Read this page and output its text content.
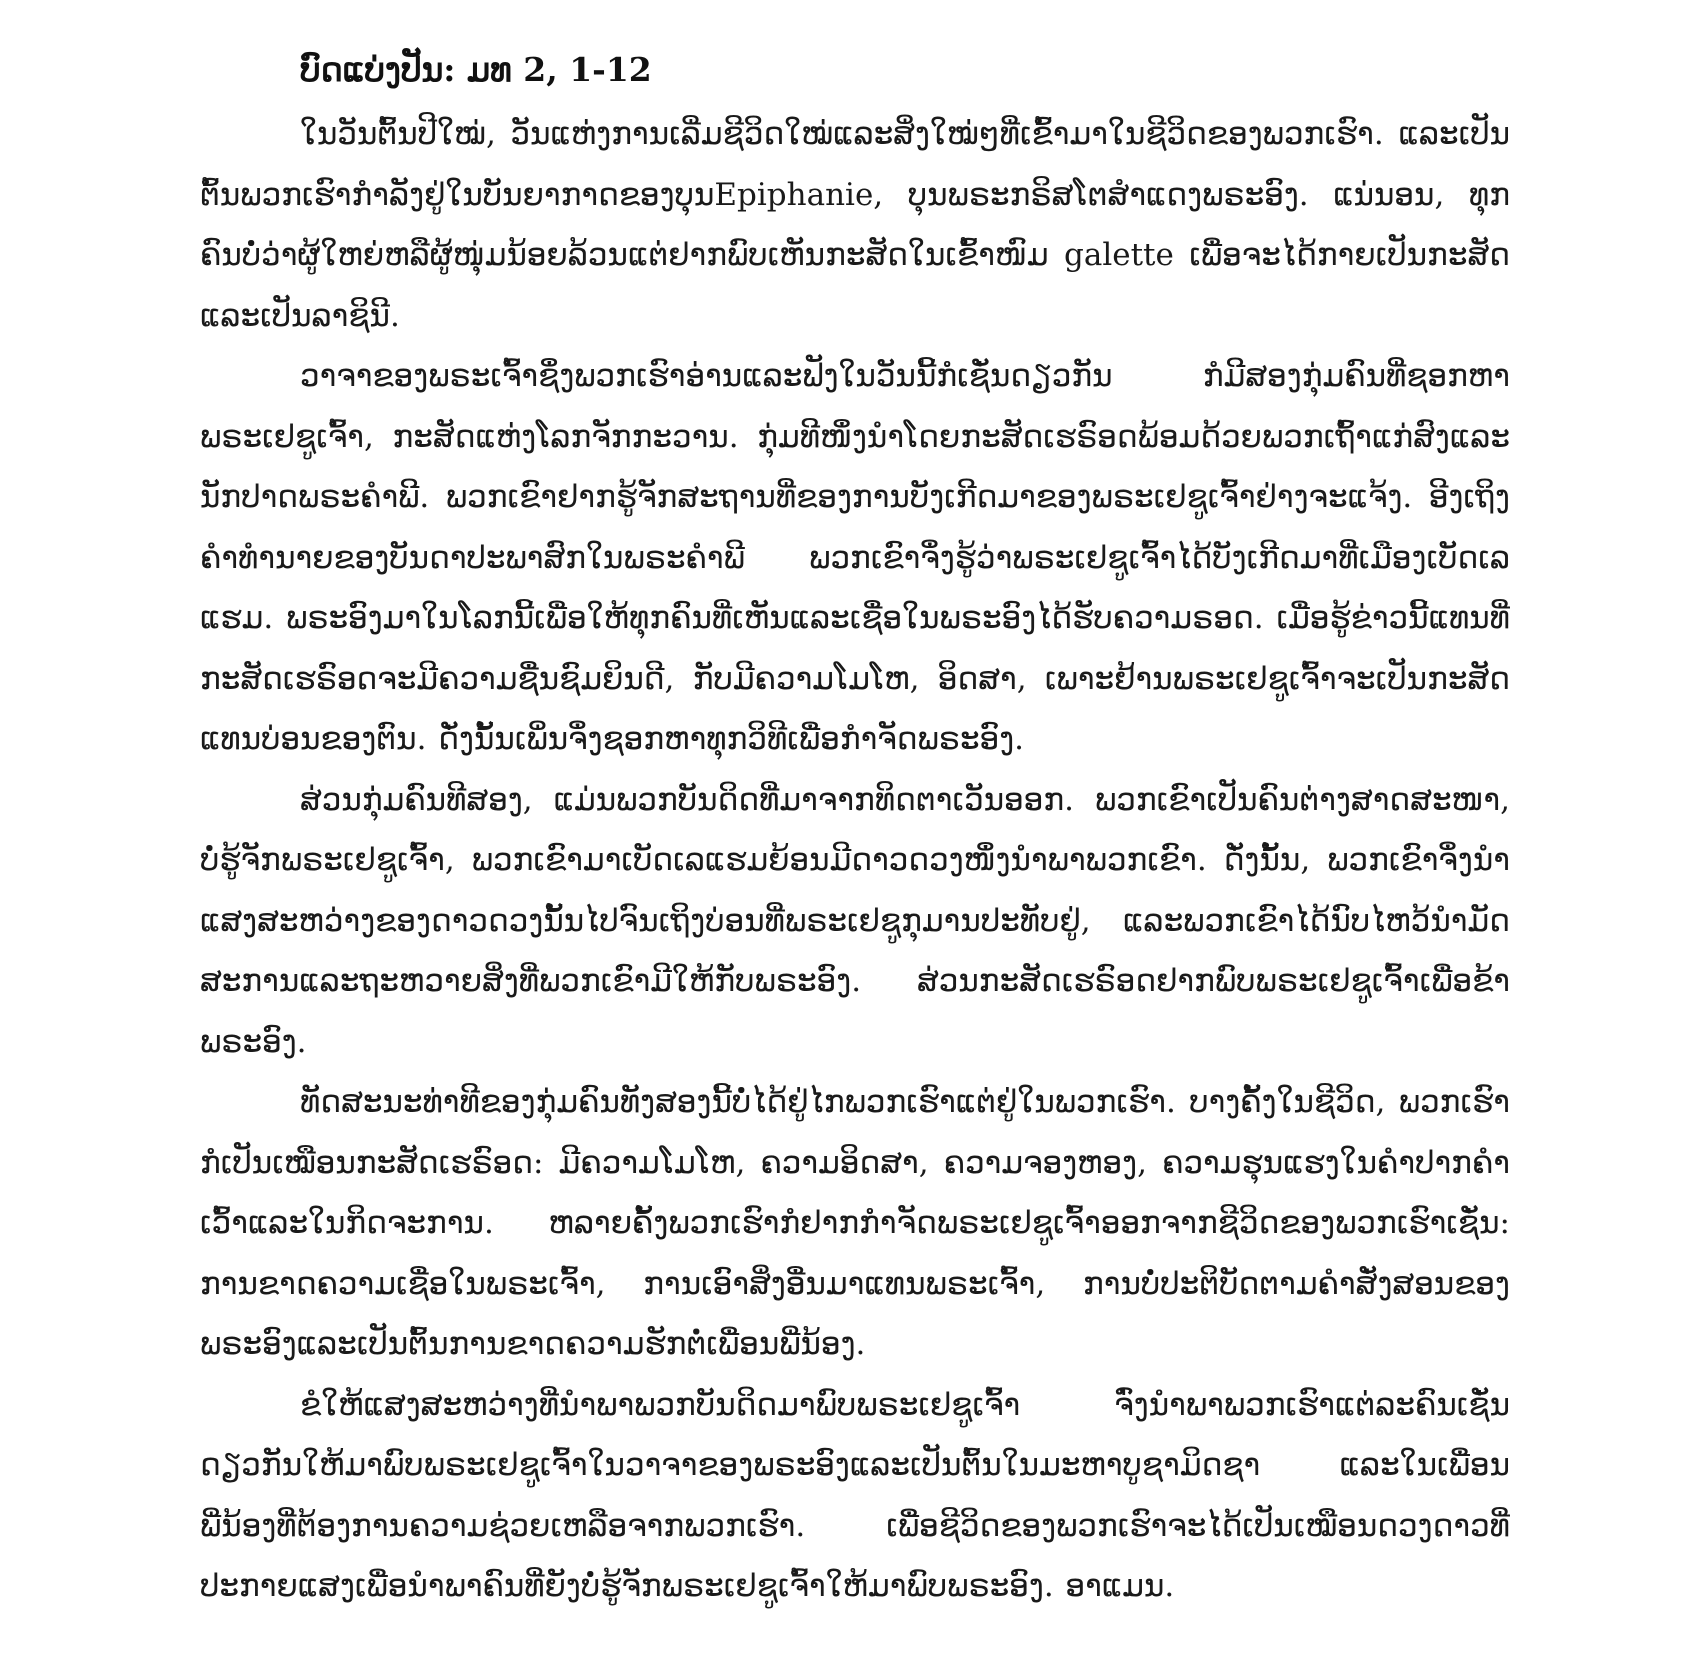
ບົດແບ່ງປັນ: ມທ 2, 1-12

ໃນວັນຕົ້ນປີໃໝ່, ວັນແຫ່ງການເລີ່ມຊີວິດໃໝ່ແລະສິ່ງໃໝ່ໆທີ່ເຂົ້າມາໃນຊີວິດຂອງພວກເຮົາ. ແລະເປັນຕົ້ນພວກເຮົາກຳລັງຢູ່ໃນບັນຍາກາດຂອງບຸນEpiphanie, ບຸນພຣະກຣິສໂຕສຳແດງພຣະອົງ. ແນ່ນອນ, ທຸກຄົນບໍ່ວ່າຜູ້ໃຫຍ່ຫລືຜູ້ໜຸ່ມນ້ອຍລ້ວນແຕ່ຢາກພົບເຫັນກະສັດໃນເຂົ້າໜົມ galette ເພື່ອຈະໄດ້ກາຍເປັນກະສັດແລະເປັນລາຊິນີ.

ວາຈາຂອງພຣະເຈົ້າຊຶ່ງພວກເຮົາອ່ານແລະຟັງໃນວັນນີ້ກໍເຊັ່ນດຽວກັນ ກໍມີສອງກຸ່ມຄົນທີ່ຊອກຫາພຣະເຢຊູເຈົ້າ, ກະສັດແຫ່ງໂລກຈັກກະວານ. ກຸ່ມທີໜຶ່ງນຳໂດຍກະສັດເຮຣົອດພ້ອມດ້ວຍພວກເຖົ້າແກ່ສົງແລະນັກປາດພຣະຄຳພີ. ພວກເຂົາຢາກຮູ້ຈັກສະຖານທີ່ຂອງການບັງເກີດມາຂອງພຣະເຢຊູເຈົ້າຢ່າງຈະແຈ້ງ. ອີງເຖິງຄຳທຳນາຍຂອງບັນດາປະພາສົກໃນພຣະຄຳພີ ພວກເຂົາຈຶ່ງຮູ້ວ່າພຣະເຢຊູເຈົ້າໄດ້ບັງເກີດມາທີ່ເມືອງເບັດເລແຮມ. ພຣະອົງມາໃນໂລກນີ້ເພື່ອໃຫ້ທຸກຄົນທີ່ເຫັນແລະເຊື່ອໃນພຣະອົງໄດ້ຮັບຄວາມຣອດ. ເມື່ອຮູ້ຂ່າວນີ້ແທນທີ່ກະສັດເຮຣົອດຈະມີຄວາມຊື່ນຊົມຍິນດີ, ກັບມີຄວາມໂມໂຫ, ອິດສາ, ເພາະຢ້ານພຣະເຢຊູເຈົ້າຈະເປັນກະສັດແທນບ່ອນຂອງຕົນ. ດັ່ງນັ້ນເພິ່ນຈຶ່ງຊອກຫາທຸກວິທີເພື່ອກຳຈັດພຣະອົງ.

ສ່ວນກຸ່ມຄົນທີສອງ, ແມ່ນພວກບັນດິດທີ່ມາຈາກທິດຕາເວັນອອກ. ພວກເຂົາເປັນຄົນຕ່າງສາດສະໜາ, ບໍ່ຮູ້ຈັກພຣະເຢຊູເຈົ້າ, ພວກເຂົາມາເບັດເລແຮມຍ້ອນມີດາວດວງໜຶ່ງນຳພາພວກເຂົາ. ດັ່ງນັ້ນ, ພວກເຂົາຈຶ່ງນຳແສງສະຫວ່າງຂອງດາວດວງນັ້ນໄປຈົນເຖິງບ່ອນທີ່ພຣະເຢຊູກຸມານປະທັບຢູ່, ແລະພວກເຂົາໄດ້ນົບໄຫວ້ນຳມັດສະການແລະຖະຫວາຍສິ່ງທີ່ພວກເຂົາມີໃຫ້ກັບພຣະອົງ. ສ່ວນກະສັດເຮຣົອດຢາກພົບພຣະເຢຊູເຈົ້າເພື່ອຂ້າພຣະອົງ.

ທັດສະນະທ່າທີຂອງກຸ່ມຄົນທັງສອງນີ້ບໍ່ໄດ້ຢູ່ໄກພວກເຮົາແຕ່ຢູ່ໃນພວກເຮົາ. ບາງຄັ້ງໃນຊີວິດ, ພວກເຮົາກໍເປັນເໝືອນກະສັດເຮຣົອດ: ມີຄວາມໂມໂຫ, ຄວາມອິດສາ, ຄວາມຈອງຫອງ, ຄວາມຮຸນແຮງໃນຄຳປາກຄຳເວົ້າແລະໃນກິດຈະການ. ຫລາຍຄັ້ງພວກເຮົາກໍຢາກກຳຈັດພຣະເຢຊູເຈົ້າອອກຈາກຊີວິດຂອງພວກເຮົາເຊັ່ນ: ການຂາດຄວາມເຊື່ອໃນພຣະເຈົ້າ, ການເອົາສິ່ງອື່ນມາແທນພຣະເຈົ້າ, ການບໍ່ປະຕິບັດຕາມຄຳສັ່ງສອນຂອງພຣະອົງແລະເປັນຕົ້ນການຂາດຄວາມຮັກຕໍ່ເພື່ອນພີ່ນ້ອງ.

ຂໍໃຫ້ແສງສະຫວ່າງທີ່ນຳພາພວກບັນດິດມາພົບພຣະເຢຊູເຈົ້າ ຈົ່ງນຳພາພວກເຮົາແຕ່ລະຄົນເຊັ່ນດຽວກັນໃຫ້ມາພົບພຣະເຢຊູເຈົ້າໃນວາຈາຂອງພຣະອົງແລະເປັນຕົ້ນໃນມະຫາບູຊາມິດຊາ ແລະໃນເພື່ອນພີ່ນ້ອງທີ່ຕ້ອງການຄວາມຊ່ວຍເຫລືອຈາກພວກເຮົາ. ເພື່ອຊີວິດຂອງພວກເຮົາຈະໄດ້ເປັນເໝືອນດວງດາວທີ່ປະກາຍແສງເພື່ອນຳພາຄົນທີ່ຍັງບໍ່ຮູ້ຈັກພຣະເຢຊູເຈົ້າໃຫ້ມາພົບພຣະອົງ. ອາແມນ.
